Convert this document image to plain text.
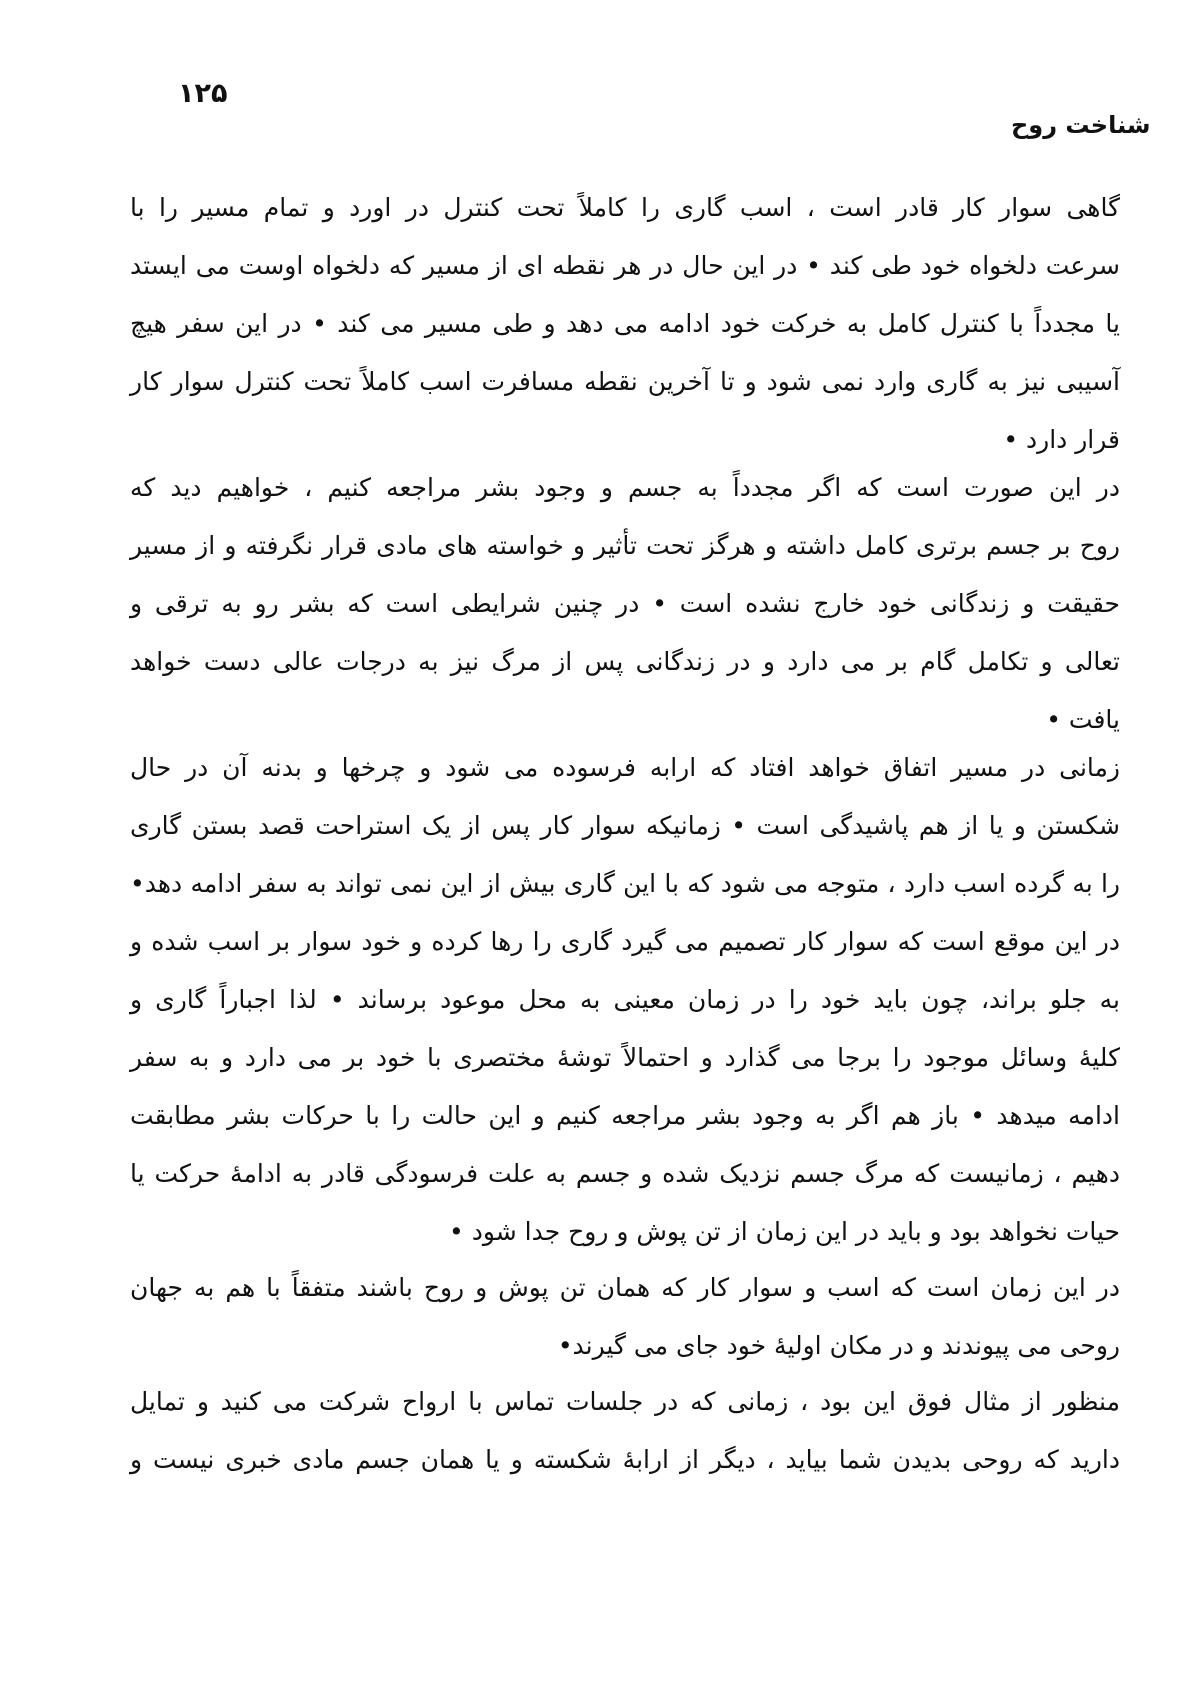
۱۲۵
شناخت روح
گاهی سوار کار قادر است ، اسب گاری را کاملاً تحت کنترل در اورد و تمام مسیر را با
سرعت دلخواه خود طی کند • در این حال در هر نقطه ای از مسیر که دلخواه اوست می ایستد
یا مجدداً با کنترل کامل به خرکت خود ادامه می دهد و طی مسیر می کند • در این سفر هیچ
آسیبی نیز به گاری وارد نمی شود و تا آخرین نقطه مسافرت اسب کاملاً تحت کنترل سوار کار
قرار دارد •
در این صورت است که اگر مجدداً به جسم و وجود بشر مراجعه کنیم ، خواهیم دید که
روح بر جسم برتری کامل داشته و هرگز تحت تأثیر و خواسته های مادی قرار نگرفته و از مسیر
حقیقت و زندگانی خود خارج نشده است • در چنین شرایطی است که بشر رو به ترقی و
تعالی و تکامل گام بر می دارد و در زندگانی پس از مرگ نیز به درجات عالی دست خواهد
یافت •
زمانی در مسیر اتفاق خواهد افتاد که ارابه فرسوده می شود و چرخها و بدنه آن در حال
شکستن و یا از هم پاشیدگی است • زمانیکه سوار کار پس از یک استراحت قصد بستن گاری
را به گرده اسب دارد ، متوجه می شود که با این گاری بیش از این نمی تواند به سفر ادامه دهد•
در این موقع است که سوار کار تصمیم می گیرد گاری را رها کرده و خود سوار بر اسب شده و
به جلو براند، چون باید خود را در زمان معینی به محل موعود برساند • لذا اجباراً گاری و
کلیهٔ وسائل موجود را برجا می گذارد و احتمالاً توشهٔ مختصری با خود بر می دارد و به سفر
ادامه میدهد • باز هم اگر به وجود بشر مراجعه کنیم و این حالت را با حرکات بشر مطابقت
دهیم ، زمانیست که مرگ جسم نزدیک شده و جسم به علت فرسودگی قادر به ادامهٔ حرکت یا
حیات نخواهد بود و باید در این زمان از تن پوش و روح جدا شود •
در این زمان است که اسب و سوار کار که همان تن پوش و روح باشند متفقاً با هم به جهان
روحی می پیوندند و در مکان اولیهٔ خود جای می گیرند•
منظور از مثال فوق این بود ، زمانی که در جلسات تماس با ارواح شرکت می کنید و تمایل
دارید که روحی بدیدن شما بیاید ، دیگر از ارابهٔ شکسته و یا همان جسم مادی خبری نیست و
